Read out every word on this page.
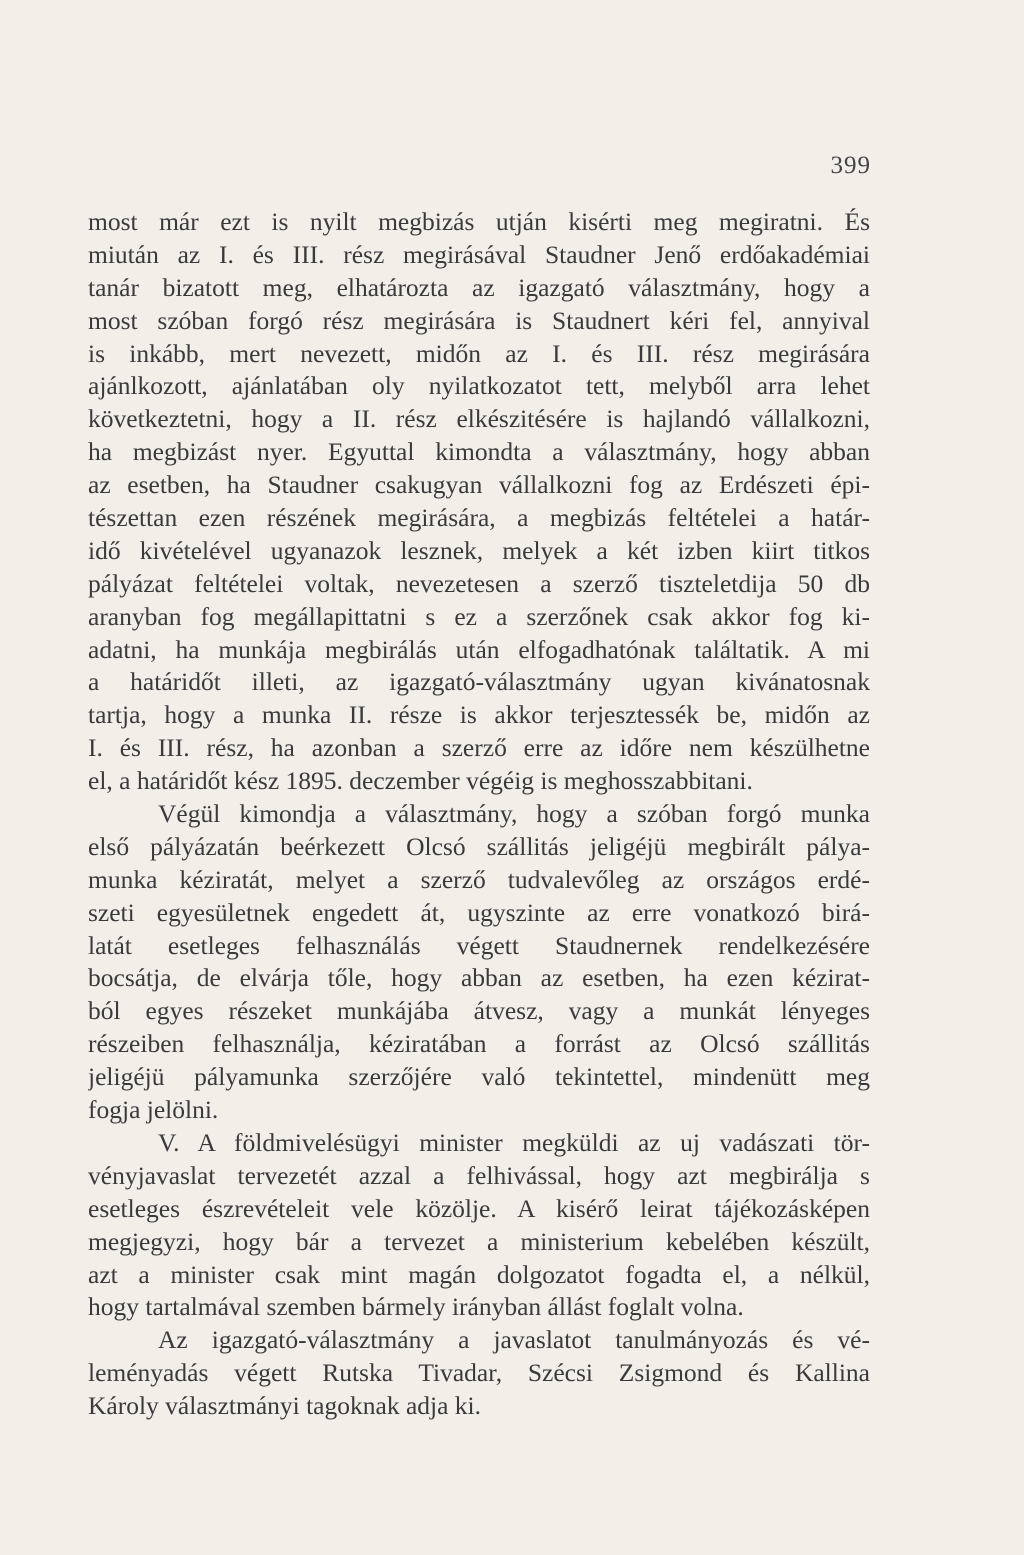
399
most már ezt is nyilt megbizás utján kisérti meg megiratni. És
miután az I. és III. rész megirásával Staudner Jenő erdőakadémiai
tanár bizatott meg, elhatározta az igazgató választmány, hogy a
most szóban forgó rész megirására is Staudnert kéri fel, annyival
is inkább, mert nevezett, midőn az I. és III. rész megirására
ajánlkozott, ajánlatában oly nyilatkozatot tett, melyből arra lehet
következtetni, hogy a II. rész elkészitésére is hajlandó vállalkozni,
ha megbizást nyer. Egyuttal kimondta a választmány, hogy abban
az esetben, ha Staudner csakugyan vállalkozni fog az Erdészeti épi-
tészettan ezen részének megirására, a megbizás feltételei a határ-
idő kivételével ugyanazok lesznek, melyek a két izben kiirt titkos
pályázat feltételei voltak, nevezetesen a szerző tiszteletdija 50 db
aranyban fog megállapittatni s ez a szerzőnek csak akkor fog ki-
adatni, ha munkája megbirálás után elfogadhatónak találtatik. A mi
a határidőt illeti, az igazgató-választmány ugyan kivánatosnak
tartja, hogy a munka II. része is akkor terjesztessék be, midőn az
I. és III. rész, ha azonban a szerző erre az időre nem készülhetne
el, a határidőt kész 1895. deczember végéig is meghosszabbitani.
Végül kimondja a választmány, hogy a szóban forgó munka
első pályázatán beérkezett Olcsó szállitás jeligéjü megbirált pálya-
munka kéziratát, melyet a szerző tudvalevőleg az országos erdé-
szeti egyesületnek engedett át, ugyszinte az erre vonatkozó birá-
latát esetleges felhasználás végett Staudnernek rendelkezésére
bocsátja, de elvárja tőle, hogy abban az esetben, ha ezen kézirat-
ból egyes részeket munkájába átvesz, vagy a munkát lényeges
részeiben felhasználja, kéziratában a forrást az Olcsó szállitás
jeligéjü pályamunka szerzőjére való tekintettel, mindenütt meg
fogja jelölni.
V. A földmivelésügyi minister megküldi az uj vadászati tör-
vényjavaslat tervezetét azzal a felhivással, hogy azt megbirálja s
esetleges észrevételeit vele közölje. A kisérő leirat tájékozásképen
megjegyzi, hogy bár a tervezet a ministerium kebelében készült,
azt a minister csak mint magán dolgozatot fogadta el, a nélkül,
hogy tartalmával szemben bármely irányban állást foglalt volna.
Az igazgató-választmány a javaslatot tanulmányozás és vé-
leményadás végett Rutska Tivadar, Szécsi Zsigmond és Kallina
Károly választmányi tagoknak adja ki.
